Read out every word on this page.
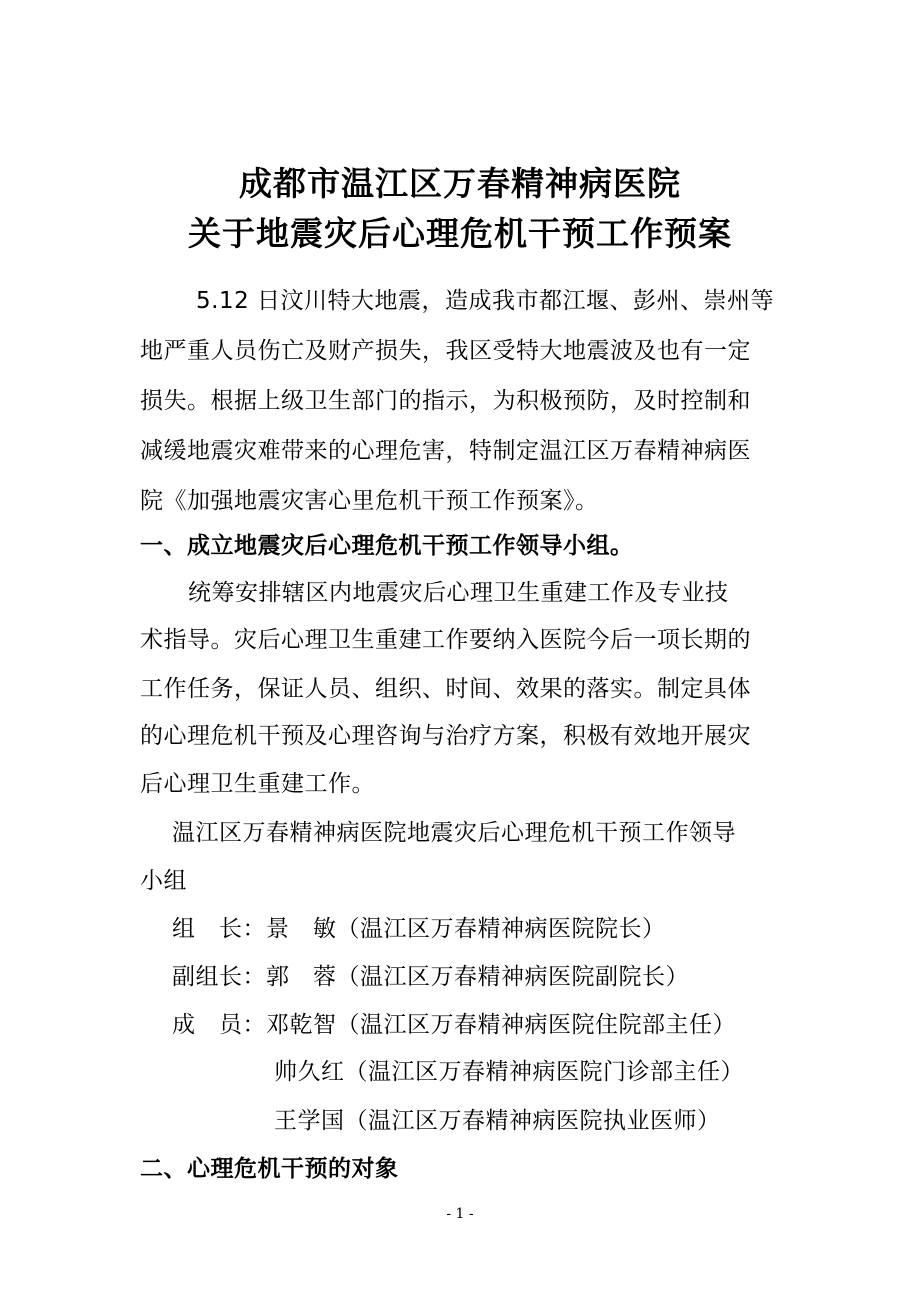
成都市温江区万春精神病医院
关于地震灾后心理危机干预工作预案
5.12 日汶川特大地震，造成我市都江堰、彭州、崇州等
地严重人员伤亡及财产损失，我区受特大地震波及也有一定
损失。根据上级卫生部门的指示，为积极预防，及时控制和
减缓地震灾难带来的心理危害，特制定温江区万春精神病医
院《加强地震灾害心里危机干预工作预案》。
一、成立地震灾后心理危机干预工作领导小组。
统筹安排辖区内地震灾后心理卫生重建工作及专业技
术指导。灾后心理卫生重建工作要纳入医院今后一项长期的
工作任务，保证人员、组织、时间、效果的落实。制定具体
的心理危机干预及心理咨询与治疗方案，积极有效地开展灾
后心理卫生重建工作。
温江区万春精神病医院地震灾后心理危机干预工作领导
小组
组　长：景　敏（温江区万春精神病医院院长）
副组长：郭　蓉（温江区万春精神病医院副院长）
成　员：邓乾智（温江区万春精神病医院住院部主任）
帅久红（温江区万春精神病医院门诊部主任）
王学国（温江区万春精神病医院执业医师）
二、心理危机干预的对象
- 1 -
